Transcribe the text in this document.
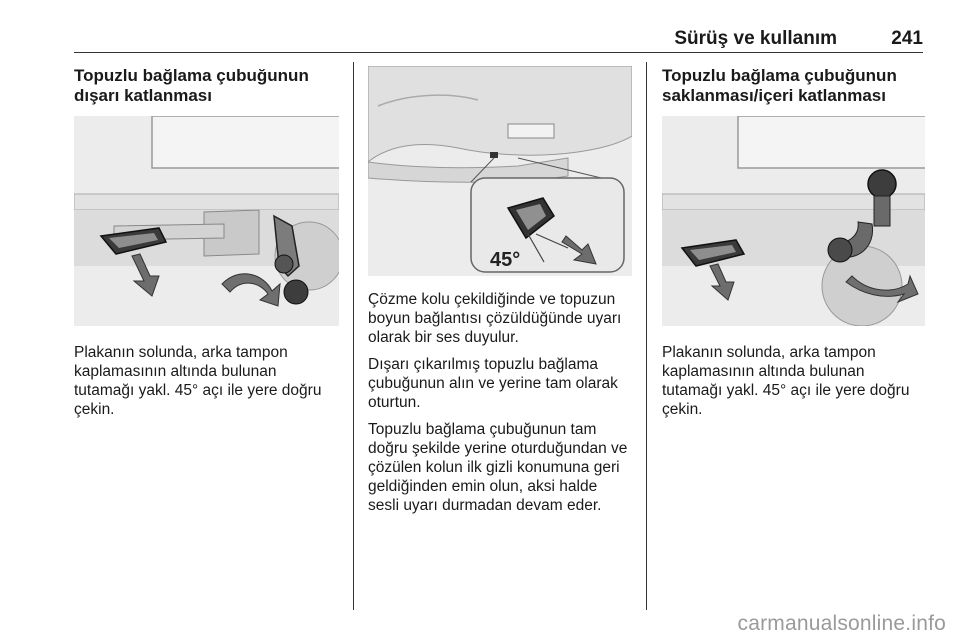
Sürüş ve kullanım	241
Topuzlu bağlama çubuğunun
dışarı katlanması
Plakanın solunda, arka tampon
kaplamasının altında bulunan
tutamağı yakl. 45° açı ile yere doğru
çekin.
45°

Çözme kolu çekildiğinde ve topuzun
boyun bağlantısı çözüldüğünde uyarı
olarak bir ses duyulur.

Dışarı çıkarılmış topuzlu bağlama
çubuğunun alın ve yerine tam olarak
oturtun.

Topuzlu bağlama çubuğunun tam
doğru şekilde yerine oturduğundan ve
çözülen kolun ilk gizli konumuna geri
geldiğinden emin olun, aksi halde
sesli uyarı durmadan devam eder.

Topuzlu bağlama çubuğunun
saklanması/içeri katlanması
Plakanın solunda, arka tampon
kaplamasının altında bulunan
tutamağı yakl. 45° açı ile yere doğru
çekin.
carmanualsonline.info
